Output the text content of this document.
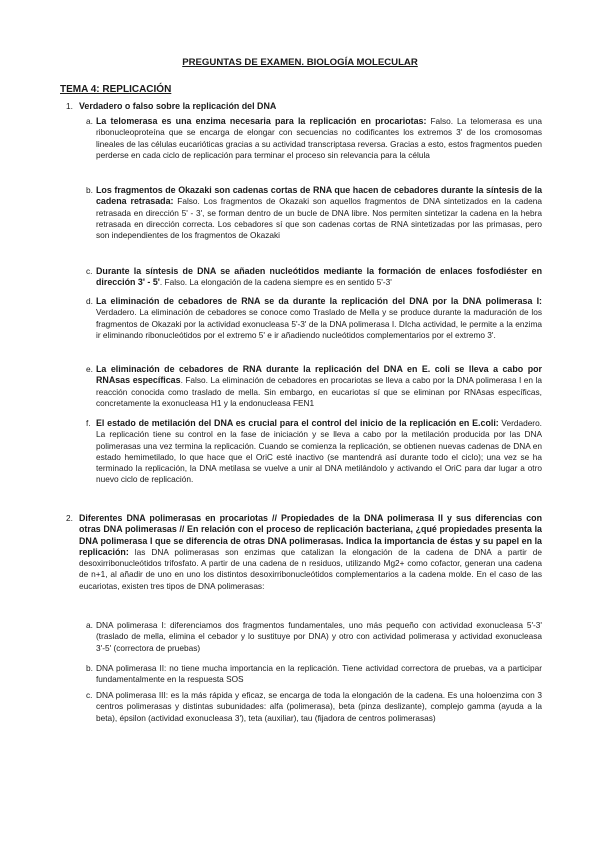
PREGUNTAS DE EXAMEN. BIOLOGÍA MOLECULAR
TEMA 4: REPLICACIÓN
1. Verdadero o falso sobre la replicación del DNA
a. La telomerasa es una enzima necesaria para la replicación en procariotas: Falso. La telomerasa es una ribonucleoproteína que se encarga de elongar con secuencias no codificantes los extremos 3' de los cromosomas lineales de las células eucarióticas gracias a su actividad transcriptasa reversa. Gracias a esto, estos fragmentos pueden perderse en cada ciclo de replicación para terminar el proceso sin relevancia para la célula
b. Los fragmentos de Okazaki son cadenas cortas de RNA que hacen de cebadores durante la síntesis de la cadena retrasada: Falso. Los fragmentos de Okazaki son aquellos fragmentos de DNA sintetizados en la cadena retrasada en dirección 5' - 3', se forman dentro de un bucle de DNA libre. Nos permiten sintetizar la cadena en la hebra retrasada en dirección correcta. Los cebadores sí que son cadenas cortas de RNA sintetizadas por las primasas, pero son independientes de los fragmentos de Okazaki
c. Durante la síntesis de DNA se añaden nucleótidos mediante la formación de enlaces fosfodiéster en dirección 3' - 5'. Falso. La elongación de la cadena siempre es en sentido 5'-3'
d. La eliminación de cebadores de RNA se da durante la replicación del DNA por la DNA polimerasa I: Verdadero. La eliminación de cebadores se conoce como Traslado de Mella y se produce durante la maduración de los fragmentos de Okazaki por la actividad exonucleasa 5'-3' de la DNA polimerasa I. DIcha actividad, le permite a la enzima ir eliminando ribonucleótidos por el extremo 5' e ir añadiendo nucleótidos complementarios por el extremo 3'.
e. La eliminación de cebadores de RNA durante la replicación del DNA en E. coli se lleva a cabo por RNAsas específicas. Falso. La eliminación de cebadores en procariotas se lleva a cabo por la DNA polimerasa I en la reacción conocida como traslado de mella. Sin embargo, en eucariotas sí que se eliminan por RNAsas específicas, concretamente la exonucleasa H1 y la endonucleasa FEN1
f. El estado de metilación del DNA es crucial para el control del inicio de la replicación en E.coli: Verdadero. La replicación tiene su control en la fase de iniciación y se lleva a cabo por la metilación producida por las DNA polimerasas una vez termina la replicación. Cuando se comienza la replicación, se obtienen nuevas cadenas de DNA en estado hemimetilado, lo que hace que el OriC esté inactivo (se mantendrá así durante todo el ciclo); una vez se ha terminado la replicación, la DNA metilasa se vuelve a unir al DNA metilándolo y activando el OriC para dar lugar a otro nuevo ciclo de replicación.
2. Diferentes DNA polimerasas en procariotas // Propiedades de la DNA polimerasa II y sus diferencias con otras DNA polimerasas // En relación con el proceso de replicación bacteriana, ¿qué propiedades presenta la DNA polimerasa I que se diferencia de otras DNA polimerasas. Indica la importancia de éstas y su papel en la replicación: las DNA polimerasas son enzimas que catalizan la elongación de la cadena de DNA a partir de desoxirribonucleótidos trifosfato. A partir de una cadena de n residuos, utilizando Mg2+ como cofactor, generan una cadena de n+1, al añadir de uno en uno los distintos desoxirribonucleótidos complementarios a la cadena molde. En el caso de las eucariotas, existen tres tipos de DNA polimerasas:
a. DNA polimerasa I: diferenciamos dos fragmentos fundamentales, uno más pequeño con actividad exonucleasa 5'-3' (traslado de mella, elimina el cebador y lo sustituye por DNA) y otro con actividad polimerasa y actividad exonucleasa 3'-5' (correctora de pruebas)
b. DNA polimerasa II: no tiene mucha importancia en la replicación. Tiene actividad correctora de pruebas, va a participar fundamentalmente en la respuesta SOS
c. DNA polimerasa III: es la más rápida y eficaz, se encarga de toda la elongación de la cadena. Es una holoenzima con 3 centros polimerasas y distintas subunidades: alfa (polimerasa), beta (pinza deslizante), complejo gamma (ayuda a la beta), épsilon (actividad exonucleasa 3'), teta (auxiliar), tau (fijadora de centros polimerasas)
